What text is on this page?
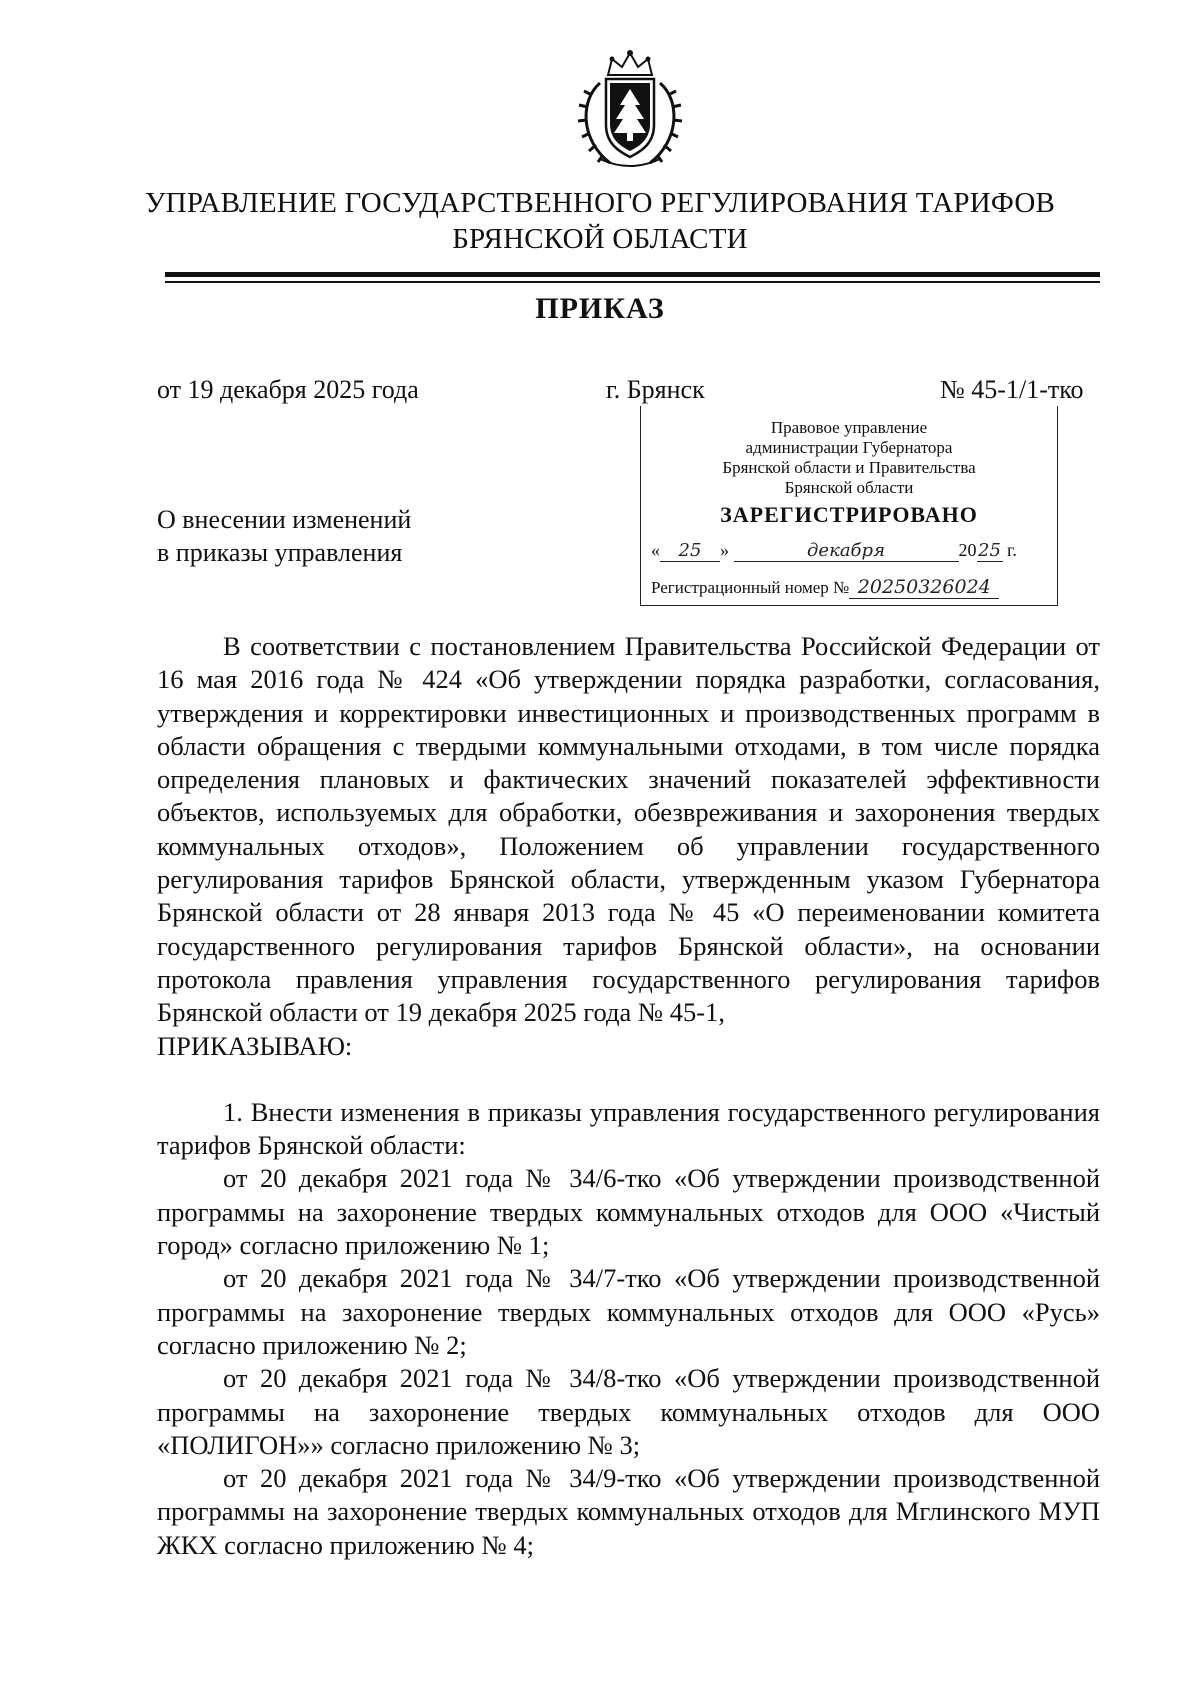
УПРАВЛЕНИЕ ГОСУДАРСТВЕННОГО РЕГУЛИРОВАНИЯ ТАРИФОВ
БРЯНСКОЙ ОБЛАСТИ
ПРИКАЗ
от 19 декабря 2025 года	г. Брянск	№ 45-1/1-тко
Правовое управление
администрации Губернатора
Брянской области и Правительства
Брянской области
ЗАРЕГИСТРИРОВАНО
« 25 »	декабря	2025 г.
Регистрационный номер № 20250326024
О внесении изменений
в приказы управления

В соответствии с постановлением Правительства Российской Федерации от 16 мая 2016 года № 424 «Об утверждении порядка разработки, согласования, утверждения и корректировки инвестиционных и производственных программ в области обращения с твердыми коммунальными отходами, в том числе порядка определения плановых и фактических значений показателей эффективности объектов, используемых для обработки, обезвреживания и захоронения твердых коммунальных отходов», Положением об управлении государственного регулирования тарифов Брянской области, утвержденным указом Губернатора Брянской области от 28 января 2013 года № 45 «О переименовании комитета государственного регулирования тарифов Брянской области», на основании протокола правления управления государственного регулирования тарифов Брянской области от 19 декабря 2025 года № 45-1,

ПРИКАЗЫВАЮ:

1. Внести изменения в приказы управления государственного регулирования тарифов Брянской области:

от 20 декабря 2021 года № 34/6-тко «Об утверждении производственной программы на захоронение твердых коммунальных отходов для ООО «Чистый город» согласно приложению № 1;

от 20 декабря 2021 года № 34/7-тко «Об утверждении производственной программы на захоронение твердых коммунальных отходов для ООО «Русь» согласно приложению № 2;

от 20 декабря 2021 года № 34/8-тко «Об утверждении производственной программы на захоронение твердых коммунальных отходов для ООО «ПОЛИГОН»» согласно приложению № 3;

от 20 декабря 2021 года № 34/9-тко «Об утверждении производственной программы на захоронение твердых коммунальных отходов для Мглинского МУП ЖКХ согласно приложению № 4;
